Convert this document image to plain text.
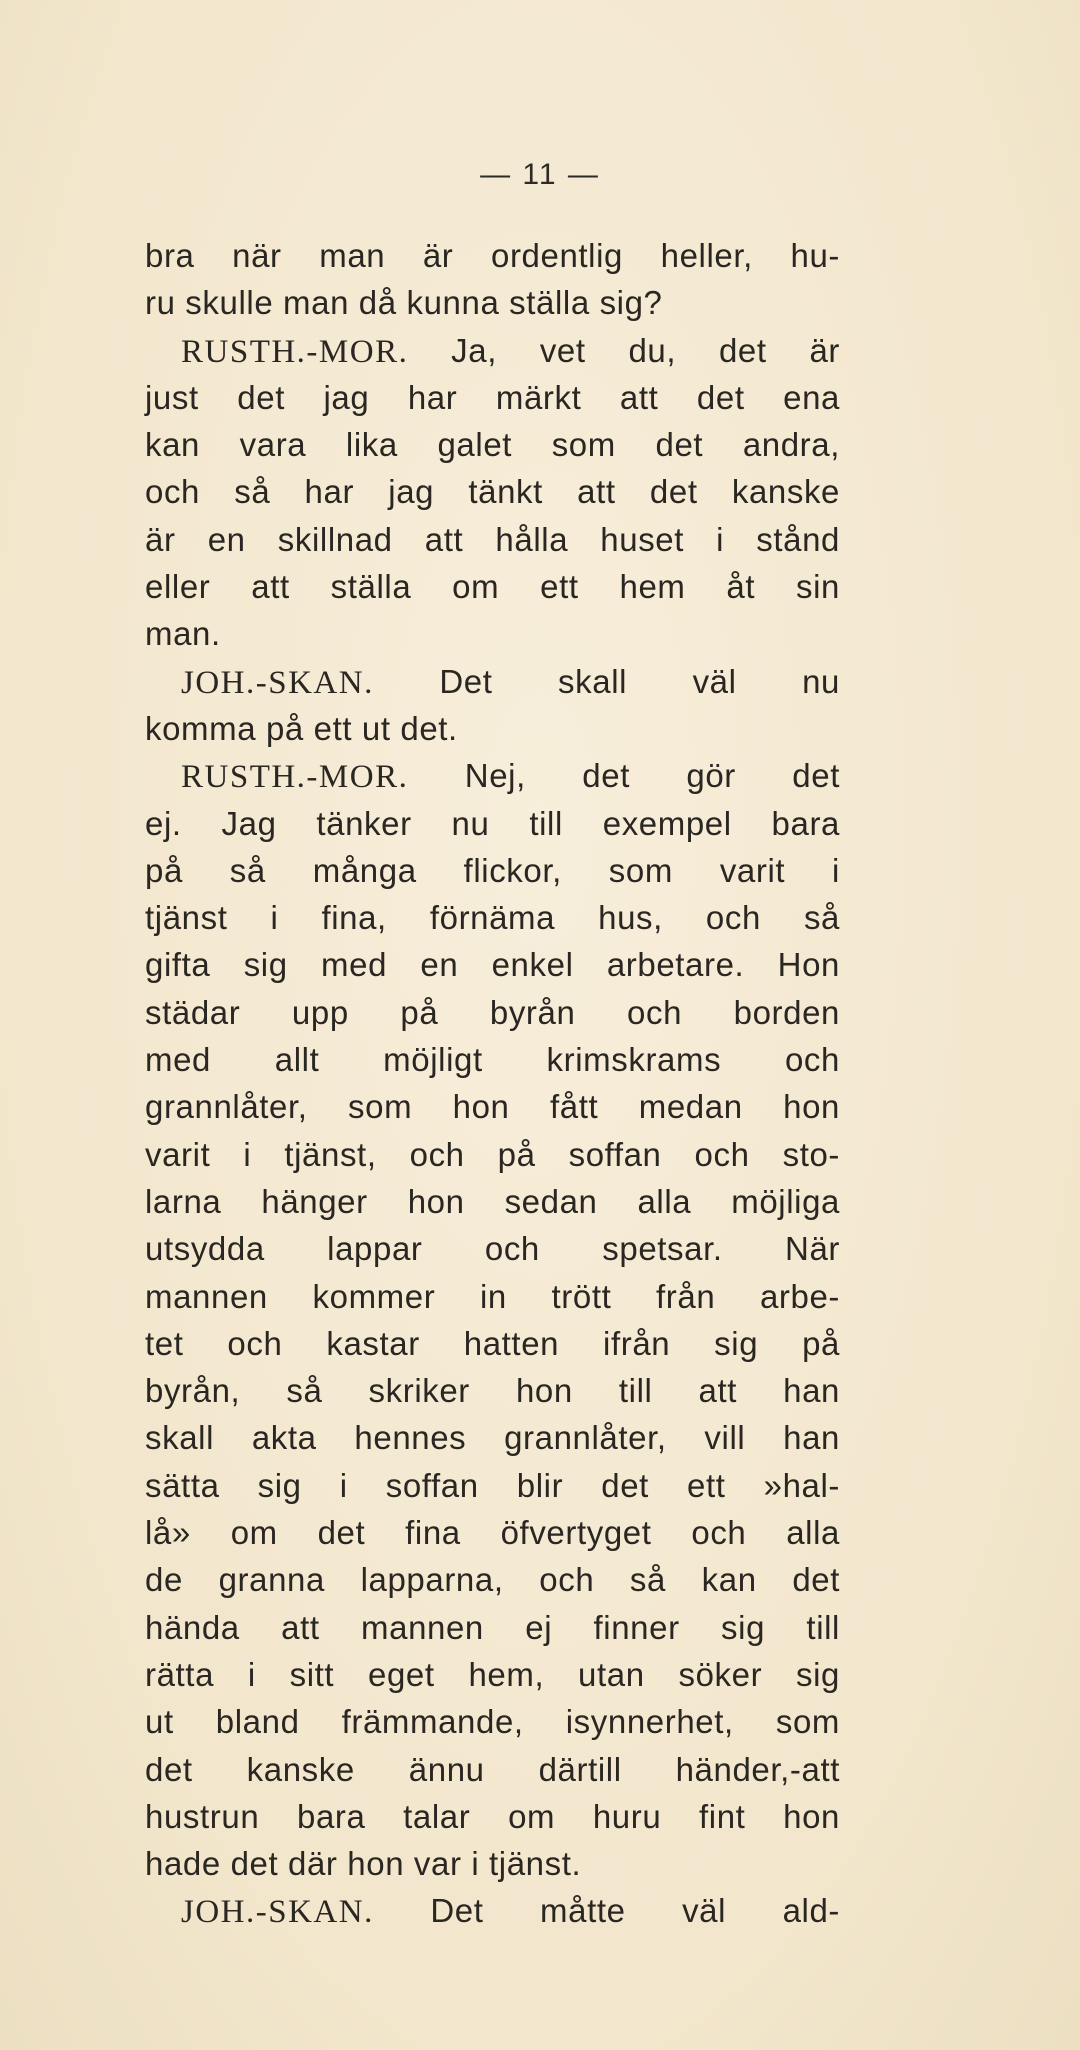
— 11 —
bra när man är ordentlig heller, hu-
ru skulle man då kunna ställa sig?
RUSTH.-MOR. Ja, vet du, det är
just det jag har märkt att det ena
kan vara lika galet som det andra,
och så har jag tänkt att det kanske
är en skillnad att hålla huset i stånd
eller att ställa om ett hem åt sin
man.
JOH.-SKAN. Det skall väl nu
komma på ett ut det.
RUSTH.-MOR. Nej, det gör det
ej. Jag tänker nu till exempel bara
på så många flickor, som varit i
tjänst i fina, förnäma hus, och så
gifta sig med en enkel arbetare. Hon
städar upp på byrån och borden
med allt möjligt krimskrams och
grannlåter, som hon fått medan hon
varit i tjänst, och på soffan och sto-
larna hänger hon sedan alla möjliga
utsydda lappar och spetsar. När
mannen kommer in trött från arbe-
tet och kastar hatten ifrån sig på
byrån, så skriker hon till att han
skall akta hennes grannlåter, vill han
sätta sig i soffan blir det ett »hal-
lå» om det fina öfvertyget och alla
de granna lapparna, och så kan det
hända att mannen ej finner sig till
rätta i sitt eget hem, utan söker sig
ut bland främmande, isynnerhet, som
det kanske ännu därtill händer,-att
hustrun bara talar om huru fint hon
hade det där hon var i tjänst.
JOH.-SKAN. Det måtte väl ald-
